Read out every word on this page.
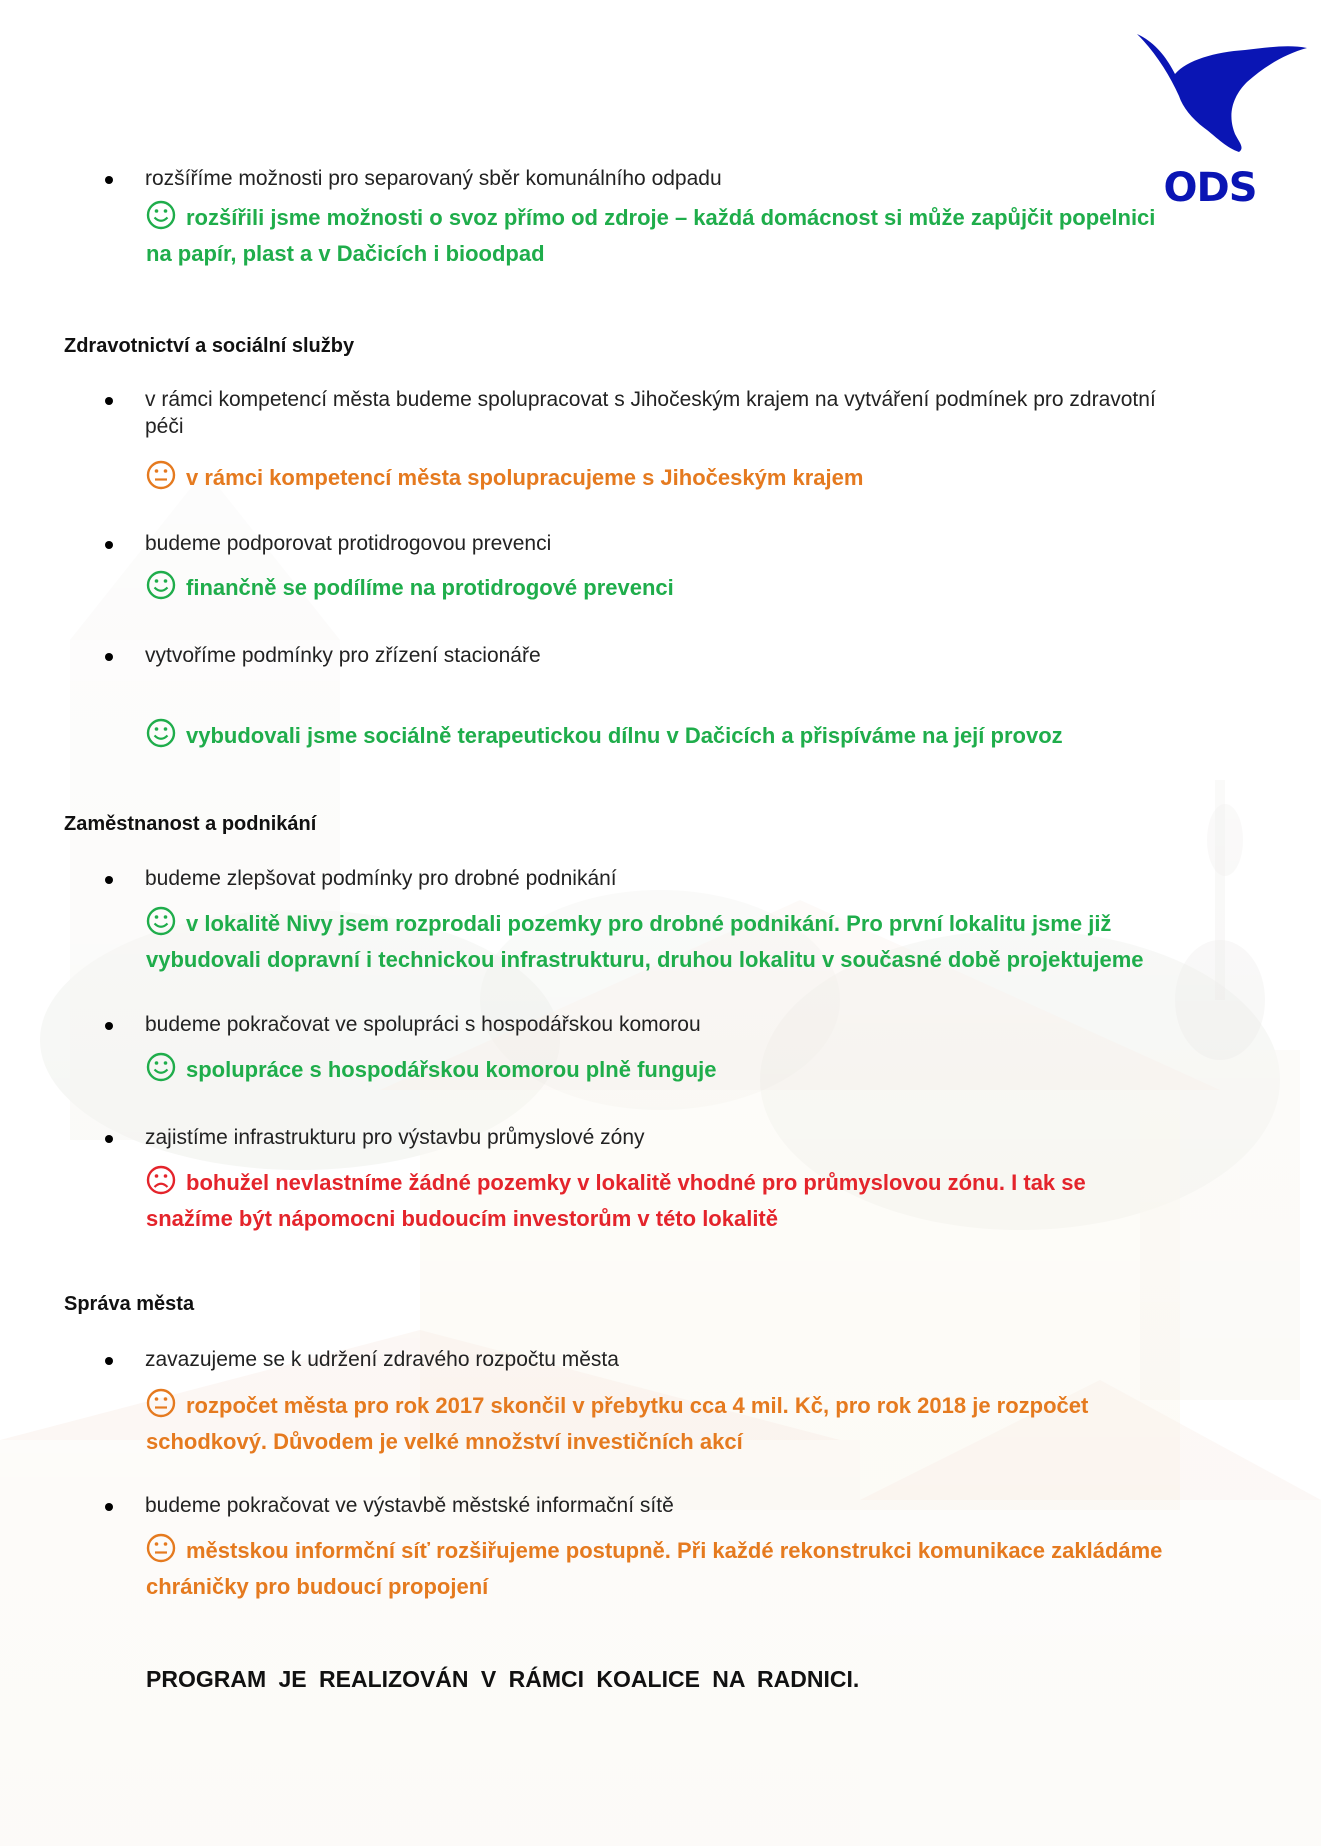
ODS
rozšíříme možnosti pro separovaný sběr komunálního odpadu
rozšířili jsme možnosti o svoz přímo od zdroje – každá domácnost si může zapůjčit popelnici
na papír, plast a v Dačicích i bioodpad
Zdravotnictví a sociální služby
v rámci kompetencí města budeme spolupracovat s Jihočeským krajem na vytváření podmínek pro zdravotní
péči
v rámci kompetencí města spolupracujeme s Jihočeským krajem
budeme podporovat protidrogovou prevenci
finančně se podílíme na protidrogové prevenci
vytvoříme podmínky pro zřízení stacionáře
vybudovali jsme sociálně terapeutickou dílnu v Dačicích a přispíváme na její provoz
Zaměstnanost a podnikání
budeme zlepšovat podmínky pro drobné podnikání
v lokalitě Nivy jsem rozprodali pozemky pro drobné podnikání. Pro první lokalitu jsme již
vybudovali dopravní i technickou infrastrukturu, druhou lokalitu v současné době projektujeme
budeme pokračovat ve spolupráci s hospodářskou komorou
spolupráce s hospodářskou komorou plně funguje
zajistíme infrastrukturu pro výstavbu průmyslové zóny
bohužel nevlastníme žádné pozemky v lokalitě vhodné pro průmyslovou zónu. I tak se
snažíme být nápomocni budoucím investorům v této lokalitě
Správa města
zavazujeme se k udržení zdravého rozpočtu města
rozpočet města pro rok 2017 skončil v přebytku cca 4 mil. Kč, pro rok 2018 je rozpočet
schodkový. Důvodem je velké množství investičních akcí
budeme pokračovat ve výstavbě městské informační sítě
městskou informční síť rozšiřujeme postupně. Při každé rekonstrukci komunikace zakládáme
chráničky pro budoucí propojení
PROGRAM JE REALIZOVÁN V RÁMCI KOALICE NA RADNICI.
